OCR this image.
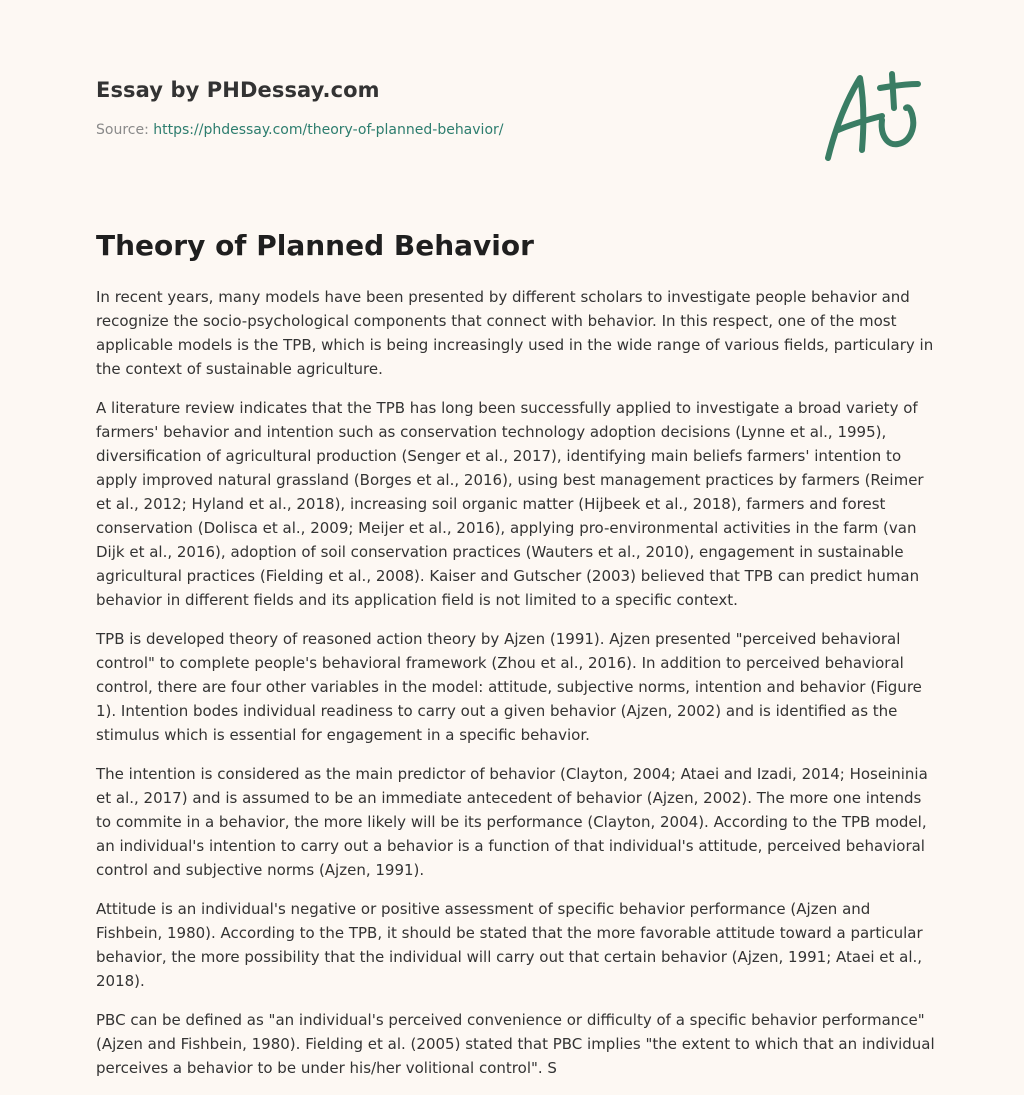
Essay by PHDessay.com
Source: https://phdessay.com/theory-of-planned-behavior/
Theory of Planned Behavior

In recent years, many models have been presented by different scholars to investigate people behavior and recognize the socio-psychological components that connect with behavior. In this respect, one of the most applicable models is the TPB, which is being increasingly used in the wide range of various fields, particulary in the context of sustainable agriculture.

A literature review indicates that the TPB has long been successfully applied to investigate a broad variety of farmers' behavior and intention such as conservation technology adoption decisions (Lynne et al., 1995), diversification of agricultural production (Senger et al., 2017), identifying main beliefs farmers' intention to apply improved natural grassland (Borges et al., 2016), using best management practices by farmers (Reimer et al., 2012; Hyland et al., 2018), increasing soil organic matter (Hijbeek et al., 2018), farmers and forest conservation (Dolisca et al., 2009; Meijer et al., 2016), applying pro-environmental activities in the farm (van Dijk et al., 2016), adoption of soil conservation practices (Wauters et al., 2010), engagement in sustainable agricultural practices (Fielding et al., 2008). Kaiser and Gutscher (2003) believed that TPB can predict human behavior in different fields and its application field is not limited to a specific context.

TPB is developed theory of reasoned action theory by Ajzen (1991). Ajzen presented "perceived behavioral control" to complete people's behavioral framework (Zhou et al., 2016). In addition to perceived behavioral control, there are four other variables in the model: attitude, subjective norms, intention and behavior (Figure 1). Intention bodes individual readiness to carry out a given behavior (Ajzen, 2002) and is identified as the stimulus which is essential for engagement in a specific behavior.

The intention is considered as the main predictor of behavior (Clayton, 2004; Ataei and Izadi, 2014; Hoseininia et al., 2017) and is assumed to be an immediate antecedent of behavior (Ajzen, 2002). The more one intends to commite in a behavior, the more likely will be its performance (Clayton, 2004). According to the TPB model, an individual's intention to carry out a behavior is a function of that individual's attitude, perceived behavioral control and subjective norms (Ajzen, 1991).

Attitude is an individual's negative or positive assessment of specific behavior performance (Ajzen and Fishbein, 1980). According to the TPB, it should be stated that the more favorable attitude toward a particular behavior, the more possibility that the individual will carry out that certain behavior (Ajzen, 1991; Ataei et al., 2018).

PBC can be defined as "an individual's perceived convenience or difficulty of a specific behavior performance" (Ajzen and Fishbein, 1980). Fielding et al. (2005) stated that PBC implies "the extent to which that an individual perceives a behavior to be under his/her volitional control". S
